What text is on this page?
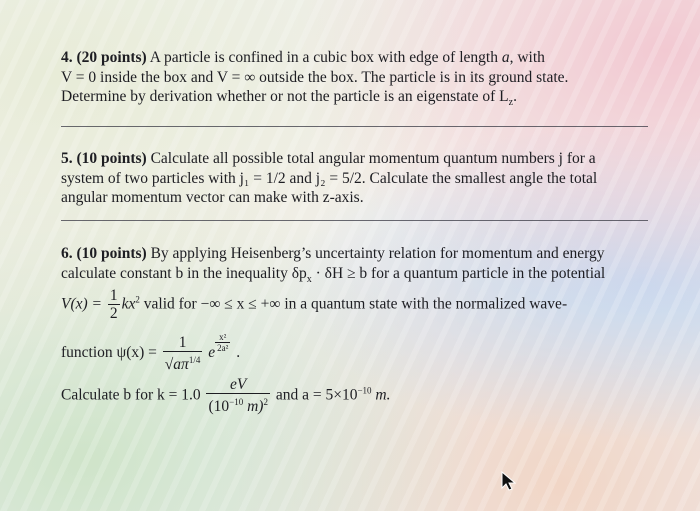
4. (20 points) A particle is confined in a cubic box with edge of length a, with
V = 0 inside the box and V = ∞ outside the box. The particle is in its ground state.
Determine by derivation whether or not the particle is an eigenstate of $L_z$.
5. (10 points) Calculate all possible total angular momentum quantum numbers j for a
system of two particles with j₁ = 1/2 and j₂ = 5/2. Calculate the smallest angle the total
angular momentum vector can make with z-axis.
6. (10 points) By applying Heisenberg’s uncertainty relation for momentum and energy
calculate constant b in the inequality $\delta p_x \cdot \delta H \ge b$ for a quantum particle in the potential
$V(x) = \frac{1}{2} kx^2$ valid for −∞ ≤ x ≤ +∞ in a quantum state with the normalized wave-
function $\psi(x) = \frac{1}{√a\pi^{1/4}}$ e $\frac{\text{x²}}{\text{2a²}}$ .
Calculate b for $k = 1.0 \frac{eV}{(10^{-10} m)^2}$ and $a = 5\times 10^{-10}$ m.
